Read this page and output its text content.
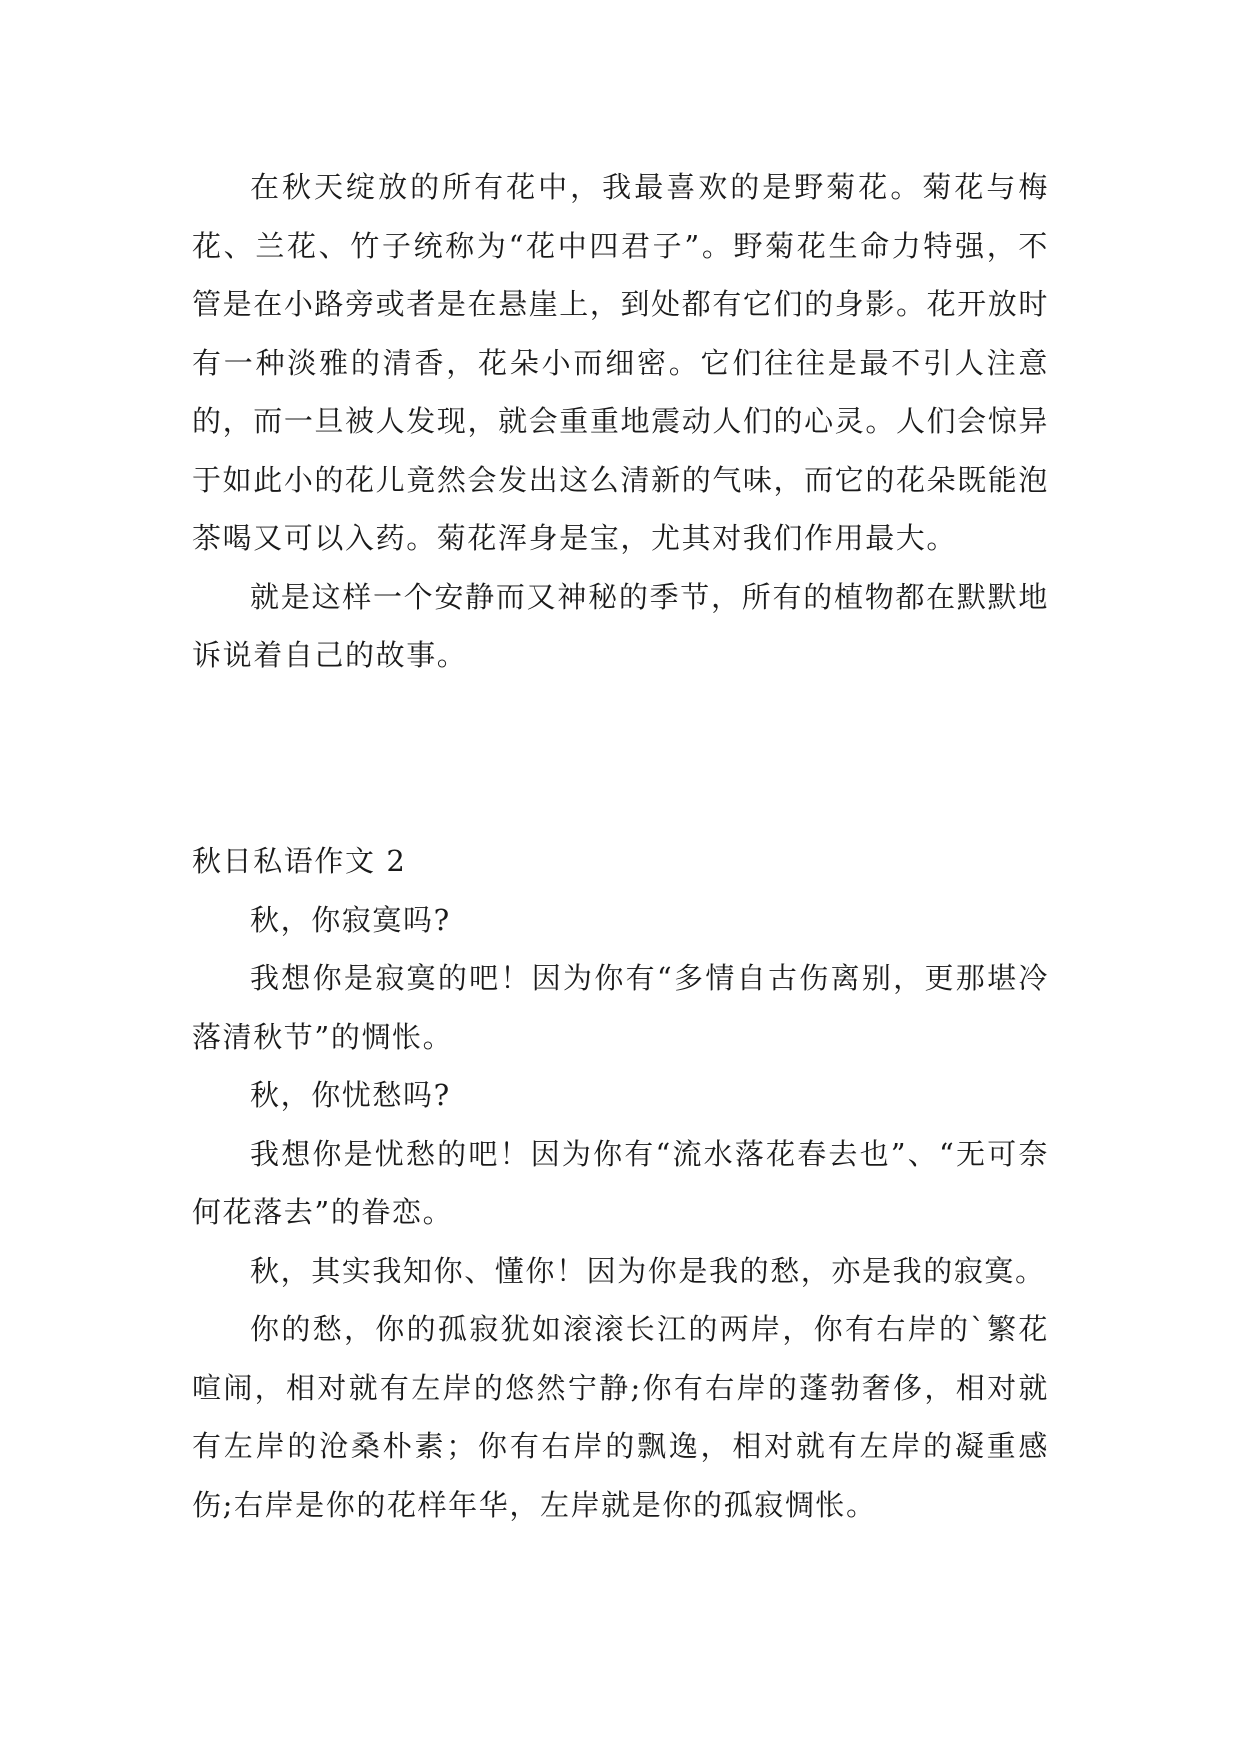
在秋天绽放的所有花中，我最喜欢的是野菊花。菊花与梅花、兰花、竹子统称为“花中四君子”。野菊花生命力特强，不管是在小路旁或者是在悬崖上，到处都有它们的身影。花开放时有一种淡雅的清香，花朵小而细密。它们往往是最不引人注意的，而一旦被人发现，就会重重地震动人们的心灵。人们会惊异于如此小的花儿竟然会发出这么清新的气味，而它的花朵既能泡茶喝又可以入药。菊花浑身是宝，尤其对我们作用最大。

就是这样一个安静而又神秘的季节，所有的植物都在默默地诉说着自己的故事。

秋日私语作文 2

秋，你寂寞吗?

我想你是寂寞的吧！因为你有“多情自古伤离别，更那堪冷落清秋节”的惆怅。

秋，你忧愁吗?

我想你是忧愁的吧！因为你有“流水落花春去也”、“无可奈何花落去”的眷恋。

秋，其实我知你、懂你！因为你是我的愁，亦是我的寂寞。

你的愁，你的孤寂犹如滚滚长江的两岸，你有右岸的`繁花喧闹，相对就有左岸的悠然宁静;你有右岸的蓬勃奢侈，相对就有左岸的沧桑朴素；你有右岸的飘逸，相对就有左岸的凝重感伤;右岸是你的花样年华，左岸就是你的孤寂惆怅。
